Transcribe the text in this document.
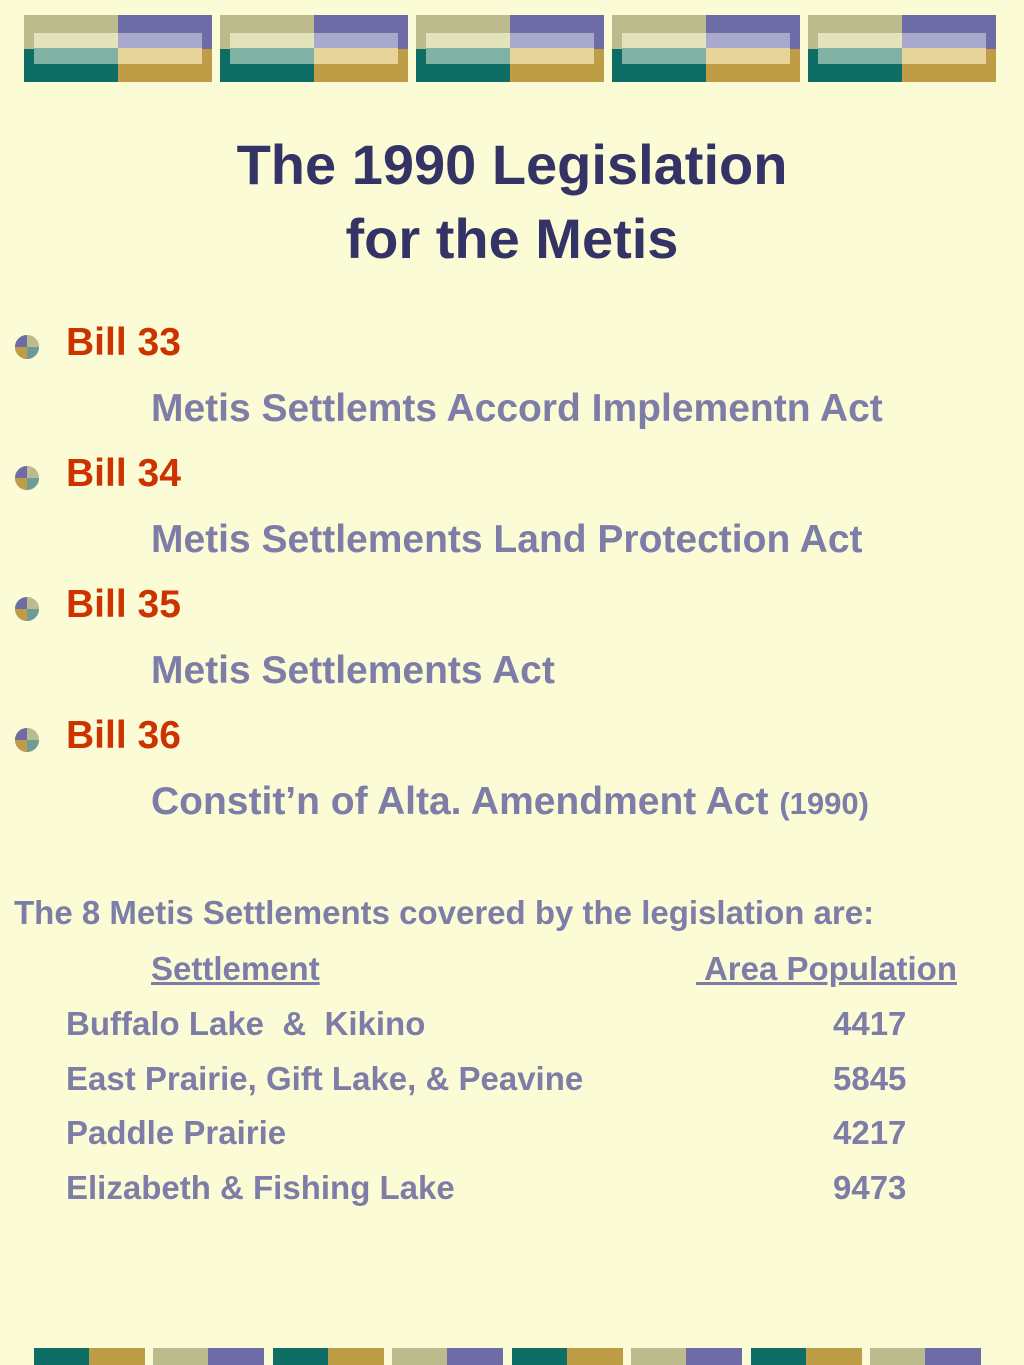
The 1990 Legislation
for the Metis
Bill 33
Metis Settlemts Accord Implementn Act
Bill 34
Metis Settlements Land Protection Act
Bill 35
Metis Settlements Act
Bill 36
Constit’n of Alta. Amendment Act (1990)
The 8 Metis Settlements covered by the legislation are:
Settlement	Area Population
Buffalo Lake  &  Kikino	4417
East Prairie, Gift Lake, & Peavine	5845
Paddle Prairie	4217
Elizabeth & Fishing Lake	9473
